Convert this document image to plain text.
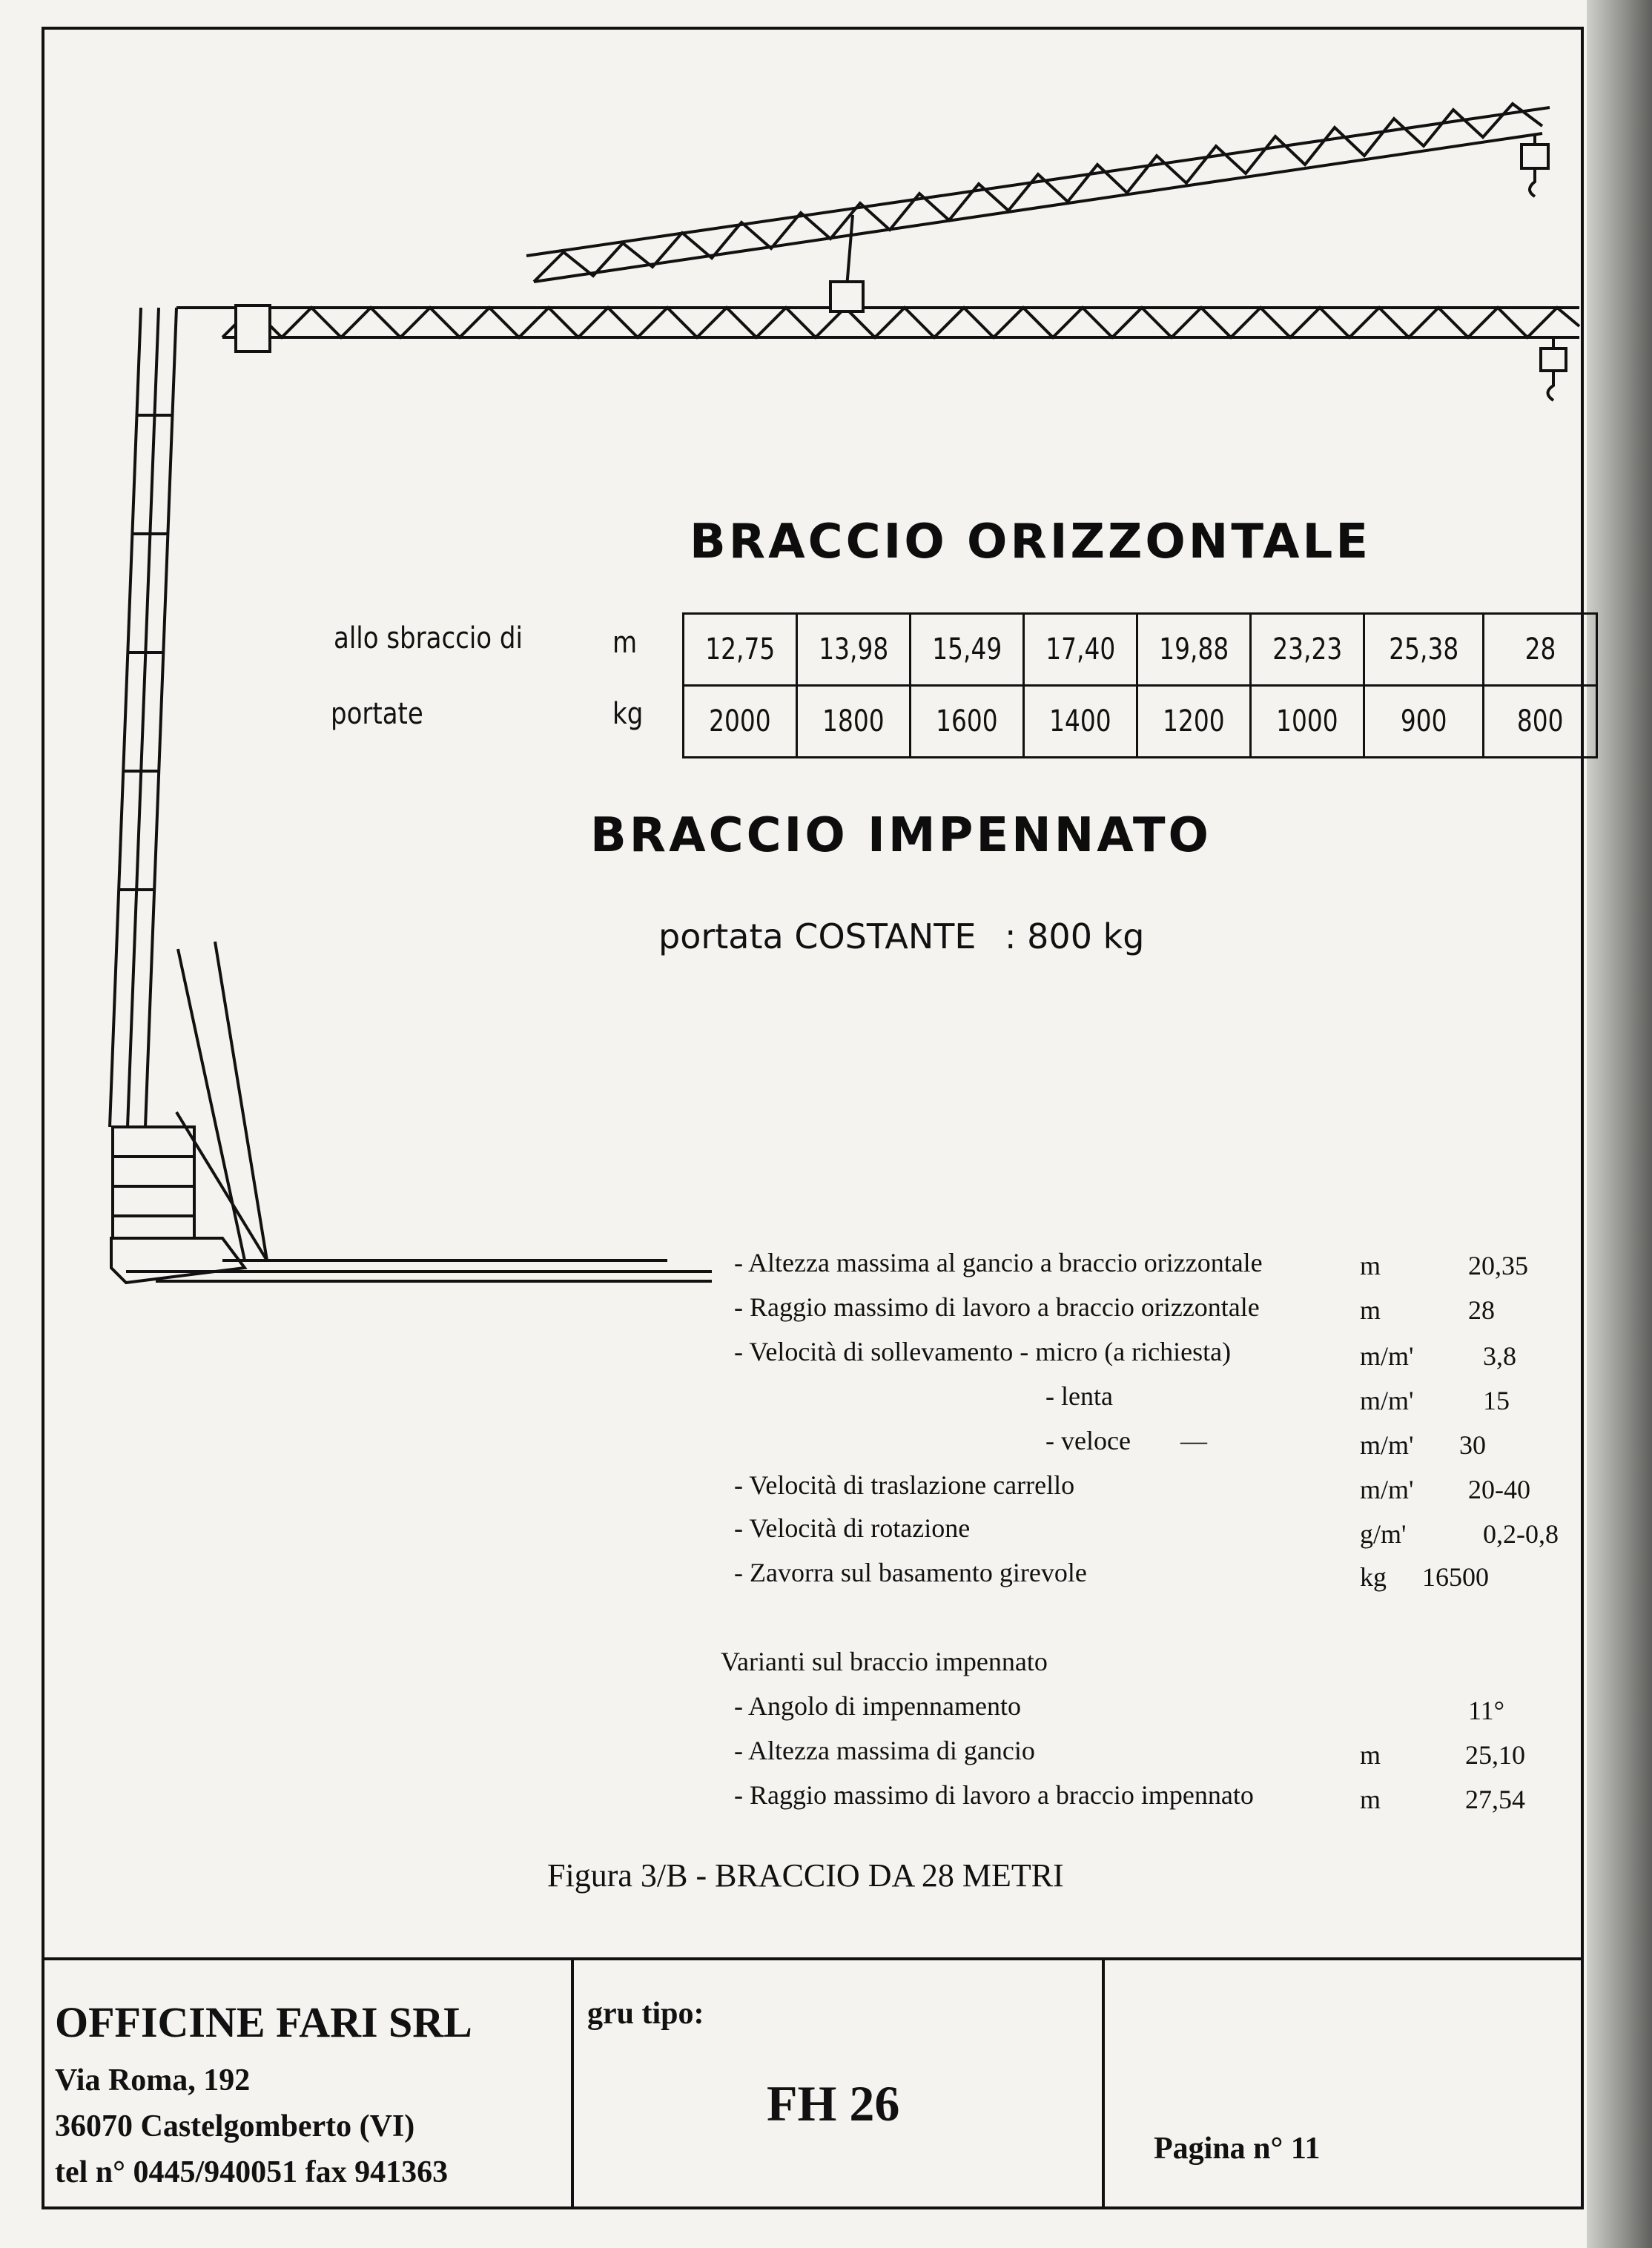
BRACCIO ORIZZONTALE
allo sbraccio di	m
portate	kg
12,75	13,98	15,49	17,40	19,88	23,23	25,38	28
2000	1800	1600	1400	1200	1000	900	800
BRACCIO IMPENNATO
portata COSTANTE : 800 kg
- Altezza massima al gancio a braccio orizzontale	m	20,35
- Raggio massimo di lavoro a braccio orizzontale	m	28
- Velocità di sollevamento - micro (a richiesta)	m/m'	3,8
- lenta	m/m'	15
- veloce —	m/m' 30
- Velocità di traslazione carrello	m/m' 20-40
- Velocità di rotazione	g/m'	0,2-0,8
- Zavorra sul basamento girevole	kg 16500
Varianti sul braccio impennato
- Angolo di impennamento	11°
- Altezza massima di gancio	m	25,10
- Raggio massimo di lavoro a braccio impennato	m	27,54
Figura 3/B - BRACCIO DA 28 METRI
OFFICINE FARI SRL
Via Roma, 192
36070 Castelgomberto (VI)
tel n° 0445/940051 fax 941363
gru tipo:
FH 26
Pagina n° 11
